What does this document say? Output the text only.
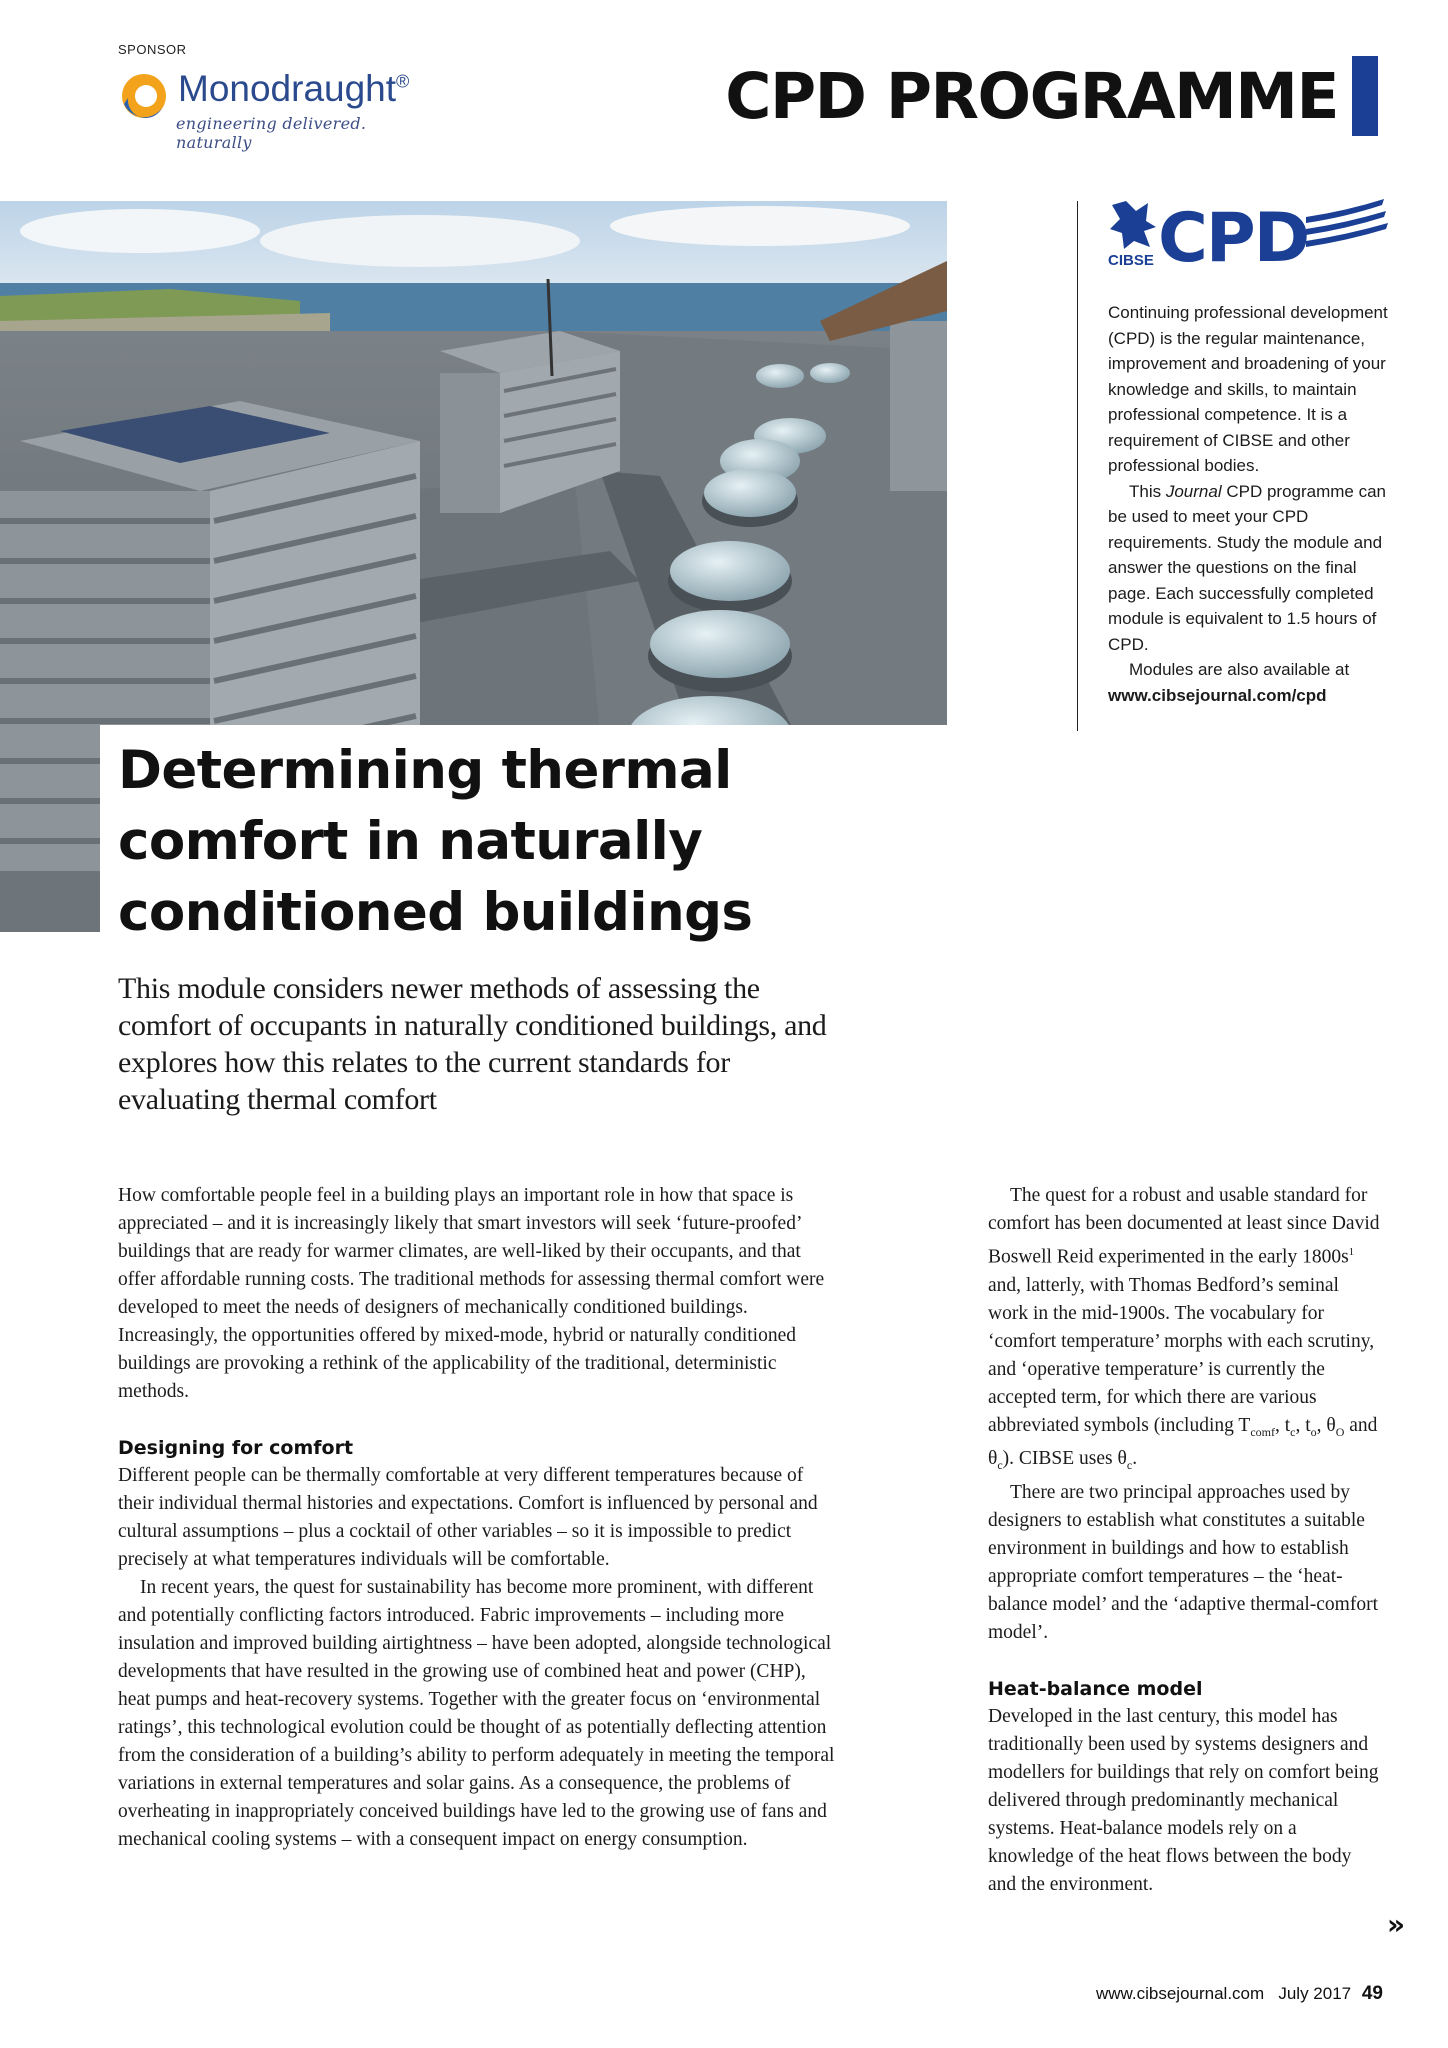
SPONSOR
Monodraught®
engineering delivered. naturally
CPD PROGRAMME
Determining thermal comfort in naturally conditioned buildings
CIBSE CPD

Continuing professional development (CPD) is the regular maintenance, improvement and broadening of your knowledge and skills, to maintain professional competence. It is a requirement of CIBSE and other professional bodies.

This Journal CPD programme can be used to meet your CPD requirements. Study the module and answer the questions on the final page. Each successfully completed module is equivalent to 1.5 hours of CPD.

Modules are also available at

www.cibsejournal.com/cpd
This module considers newer methods of assessing the comfort of occupants in naturally conditioned buildings, and explores how this relates to the current standards for evaluating thermal comfort

How comfortable people feel in a building plays an important role in how that space is appreciated – and it is increasingly likely that smart investors will seek ‘future-proofed’ buildings that are ready for warmer climates, are well-liked by their occupants, and that offer affordable running costs. The traditional methods for assessing thermal comfort were developed to meet the needs of designers of mechanically conditioned buildings. Increasingly, the opportunities offered by mixed-mode, hybrid or naturally conditioned buildings are provoking a rethink of the applicability of the traditional, deterministic methods.

Designing for comfort

Different people can be thermally comfortable at very different temperatures because of their individual thermal histories and expectations. Comfort is influenced by personal and cultural assumptions – plus a cocktail of other variables – so it is impossible to predict precisely at what temperatures individuals will be comfortable.

In recent years, the quest for sustainability has become more prominent, with different and potentially conflicting factors introduced. Fabric improvements – including more insulation and improved building airtightness – have been adopted, alongside technological developments that have resulted in the growing use of combined heat and power (CHP), heat pumps and heat-recovery systems. Together with the greater focus on ‘environmental ratings’, this technological evolution could be thought of as potentially deflecting attention from the consideration of a building’s ability to perform adequately in meeting the temporal variations in external temperatures and solar gains. As a consequence, the problems of overheating in inappropriately conceived buildings have led to the growing use of fans and mechanical cooling systems – with a consequent impact on energy consumption.

The quest for a robust and usable standard for comfort has been documented at least since David Boswell Reid experimented in the early $1800s^1$ and, latterly, with Thomas Bedford’s seminal work in the mid-1900s. The vocabulary for ‘comfort temperature’ morphs with each scrutiny, and ‘operative temperature’ is currently the accepted term, for which there are various abbreviated symbols (including $T_{comf}$, $t_c$, $t_o$, $\theta_O$ and $\theta_c$). CIBSE uses $\theta_c$.

There are two principal approaches used by designers to establish what constitutes a suitable environment in buildings and how to establish appropriate comfort temperatures – the ‘heat-balance model’ and the ‘adaptive thermal-comfort model’.

Heat-balance model

Developed in the last century, this model has traditionally been used by systems designers and modellers for buildings that rely on comfort being delivered through predominantly mechanical systems. Heat-balance models rely on a knowledge of the heat flows between the body and the environment.

»
www.cibsejournal.com July 2017 49
